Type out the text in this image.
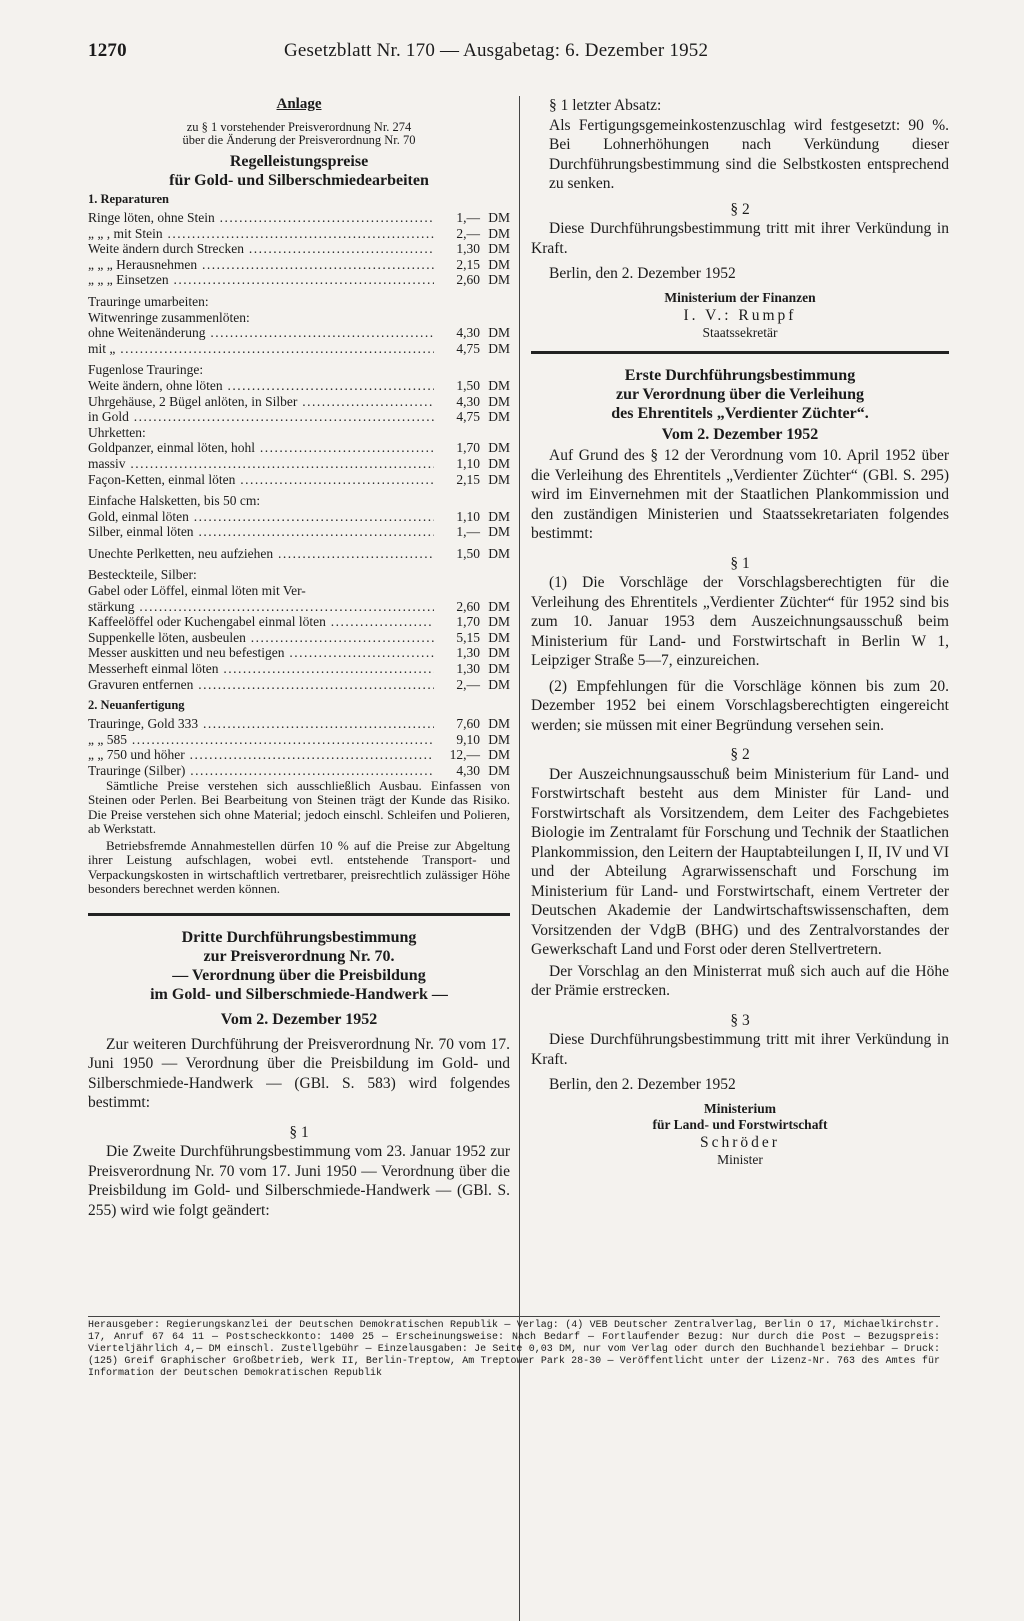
1270	Gesetzblatt Nr. 170 — Ausgabetag: 6. Dezember 1952
Anlage
zu § 1 vorstehender Preisverordnung Nr. 274
über die Änderung der Preisverordnung Nr. 70
Regelleistungspreise
für Gold- und Silberschmiedearbeiten
1. Reparaturen
Ringe löten, ohne Stein .....	1,— DM
„ „ , mit Stein .....	2,— DM
Weite ändern durch Strecken .....	1,30 DM
„ „ „ Herausnehmen .....	2,15 DM
„ „ „ Einsetzen .....	2,60 DM
Trauringe umarbeiten:
Witwenringe zusammenlöten:
ohne Weitenänderung .....	4,30 DM
mit „ .....	4,75 DM
Fugenlose Trauringe:
Weite ändern, ohne löten .....	1,50 DM
Uhrgehäuse, 2 Bügel anlöten, in Silber .....	4,30 DM
in Gold .....	4,75 DM
Uhrketten:
Goldpanzer, einmal löten, hohl .....	1,70 DM
massiv .....	1,10 DM
Façon-Ketten, einmal löten .....	2,15 DM
Einfache Halsketten, bis 50 cm:
Gold, einmal löten .....	1,10 DM
Silber, einmal löten .....	1,— DM
Unechte Perlketten, neu aufziehen .....	1,50 DM
Besteckteile, Silber:
Gabel oder Löffel, einmal löten mit Ver-
stärkung .....	2,60 DM
Kaffeelöffel oder Kuchengabel einmal löten .....	1,70 DM
Suppenkelle löten, ausbeulen .....	5,15 DM
Messer auskitten und neu befestigen .....	1,30 DM
Messerheft einmal löten .....	1,30 DM
Gravuren entfernen .....	2,— DM
2. Neuanfertigung
Trauringe, Gold 333 .....	7,60 DM
„ „ 585 .....	9,10 DM
„ „ 750 und höher .....	12,— DM
Trauringe (Silber) .....	4,30 DM
Sämtliche Preise verstehen sich ausschließlich Ausbau. Einfassen von Steinen oder Perlen. Bei Bearbeitung von Steinen trägt der Kunde das Risiko. Die Preise verstehen sich ohne Material; jedoch einschl. Schleifen und Polieren, ab Werkstatt.
Betriebsfremde Annahmestellen dürfen 10 % auf die Preise zur Abgeltung ihrer Leistung aufschlagen, wobei evtl. entstehende Transport- und Verpackungskosten in wirtschaftlich vertretbarer, preisrechtlich zulässiger Höhe besonders berechnet werden können.
Dritte Durchführungsbestimmung
zur Preisverordnung Nr. 70.
— Verordnung über die Preisbildung
im Gold- und Silberschmiede-Handwerk —
Vom 2. Dezember 1952
Zur weiteren Durchführung der Preisverordnung Nr. 70 vom 17. Juni 1950 — Verordnung über die Preisbildung im Gold- und Silberschmiede-Handwerk — (GBl. S. 583) wird folgendes bestimmt:
§ 1
Die Zweite Durchführungsbestimmung vom 23. Januar 1952 zur Preisverordnung Nr. 70 vom 17. Juni 1950 — Verordnung über die Preisbildung im Gold- und Silberschmiede-Handwerk — (GBl. S. 255) wird wie folgt geändert:
§ 1 letzter Absatz:
Als Fertigungsgemeinkostenzuschlag wird festgesetzt: 90 %. Bei Lohnerhöhungen nach Verkündung dieser Durchführungsbestimmung sind die Selbstkosten entsprechend zu senken.
§ 2
Diese Durchführungsbestimmung tritt mit ihrer Verkündung in Kraft.
Berlin, den 2. Dezember 1952
Ministerium der Finanzen
I. V.: Rumpf
Staatssekretär
Erste Durchführungsbestimmung
zur Verordnung über die Verleihung
des Ehrentitels „Verdienter Züchter“.
Vom 2. Dezember 1952
Auf Grund des § 12 der Verordnung vom 10. April 1952 über die Verleihung des Ehrentitels „Verdienter Züchter“ (GBl. S. 295) wird im Einvernehmen mit der Staatlichen Plankommission und den zuständigen Ministerien und Staatssekretariaten folgendes bestimmt:
§ 1
(1) Die Vorschläge der Vorschlagsberechtigten für die Verleihung des Ehrentitels „Verdienter Züchter“ für 1952 sind bis zum 10. Januar 1953 dem Auszeichnungsausschuß beim Ministerium für Land- und Forstwirtschaft in Berlin W 1, Leipziger Straße 5—7, einzureichen.
(2) Empfehlungen für die Vorschläge können bis zum 20. Dezember 1952 bei einem Vorschlagsberechtigten eingereicht werden; sie müssen mit einer Begründung versehen sein.
§ 2
Der Auszeichnungsausschuß beim Ministerium für Land- und Forstwirtschaft besteht aus dem Minister für Land- und Forstwirtschaft als Vorsitzendem, dem Leiter des Fachgebietes Biologie im Zentralamt für Forschung und Technik der Staatlichen Plankommission, den Leitern der Hauptabteilungen I, II, IV und VI und der Abteilung Agrarwissenschaft und Forschung im Ministerium für Land- und Forstwirtschaft, einem Vertreter der Deutschen Akademie der Landwirtschaftswissenschaften, dem Vorsitzenden der VdgB (BHG) und des Zentralvorstandes der Gewerkschaft Land und Forst oder deren Stellvertretern.
Der Vorschlag an den Ministerrat muß sich auch auf die Höhe der Prämie erstrecken.
§ 3
Diese Durchführungsbestimmung tritt mit ihrer Verkündung in Kraft.
Berlin, den 2. Dezember 1952
Ministerium
für Land- und Forstwirtschaft
Schröder
Minister
Herausgeber: Regierungskanzlei der Deutschen Demokratischen Republik — Verlag: (4) VEB Deutscher Zentralverlag, Berlin O 17, Michaelkirchstr. 17, Anruf 67 64 11 — Postscheckkonto: 1400 25 — Erscheinungsweise: Nach Bedarf — Fortlaufender Bezug: Nur durch die Post — Bezugspreis: Vierteljährlich 4,— DM einschl. Zustellgebühr — Einzelausgaben: Je Seite 0,03 DM, nur vom Verlag oder durch den Buchhandel beziehbar — Druck: (125) Greif Graphischer Großbetrieb, Werk II, Berlin-Treptow, Am Treptower Park 28-30 — Veröffentlicht unter der Lizenz-Nr. 763 des Amtes für Information der Deutschen Demokratischen Republik
